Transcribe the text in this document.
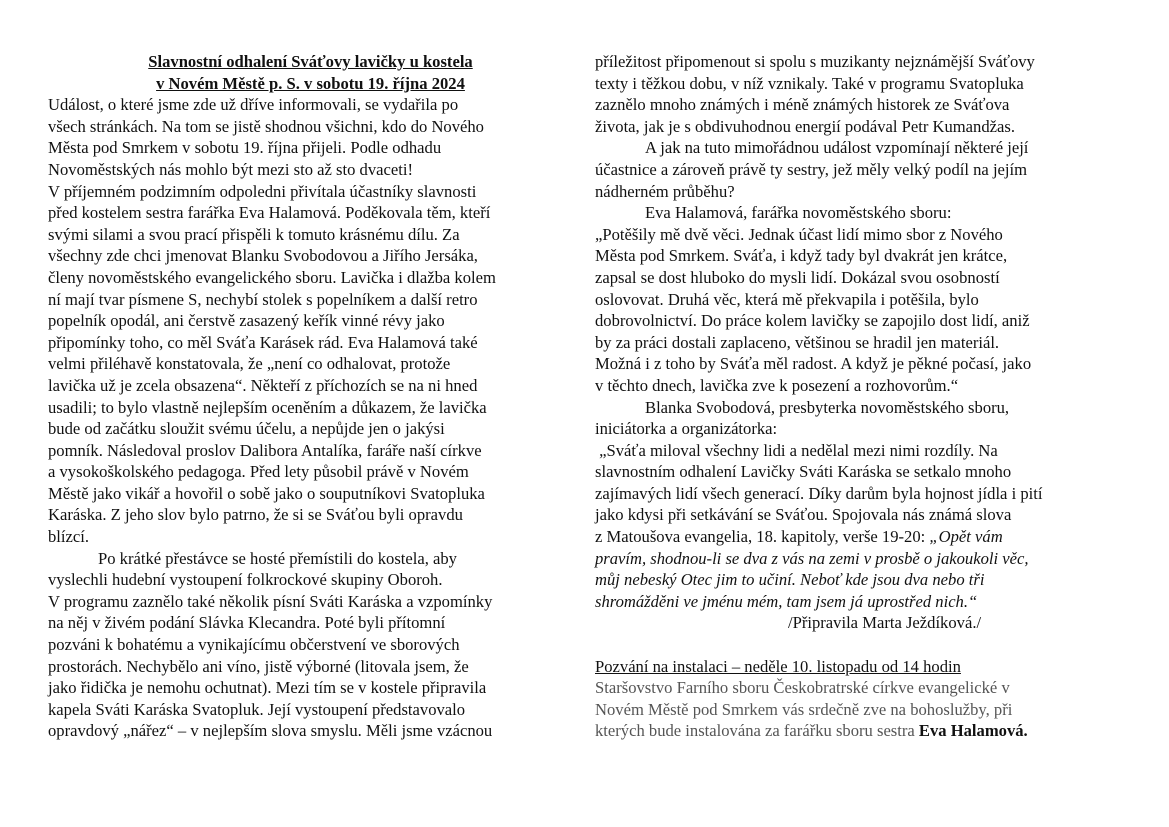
Slavnostní odhalení Sváťovy lavičky u kostela
v Novém Městě p. S. v sobotu 19. října 2024
Událost, o které jsme zde už dříve informovali, se vydařila po
všech stránkách. Na tom se jistě shodnou všichni, kdo do Nového
Města pod Smrkem v sobotu 19. října přijeli. Podle odhadu
Novoměstských nás mohlo být mezi sto až sto dvaceti!
V příjemném podzimním odpoledni přivítala účastníky slavnosti
před kostelem sestra farářka Eva Halamová. Poděkovala těm, kteří
svými silami a svou prací přispěli k tomuto krásnému dílu. Za
všechny zde chci jmenovat Blanku Svobodovou a Jiřího Jersáka,
členy novoměstského evangelického sboru. Lavička i dlažba kolem
ní mají tvar písmene S, nechybí stolek s popelníkem a další retro
popelník opodál, ani čerstvě zasazený keřík vinné révy jako
připomínky toho, co měl Sváťa Karásek rád. Eva Halamová také
velmi přiléhavě konstatovala, že „není co odhalovat, protože
lavička už je zcela obsazena“. Někteří z příchozích se na ni hned
usadili; to bylo vlastně nejlepším oceněním a důkazem, že lavička
bude od začátku sloužit svému účelu, a nepůjde jen o jakýsi
pomník. Následoval proslov Dalibora Antalíka, faráře naší církve
a vysokoškolského pedagoga. Před lety působil právě v Novém
Městě jako vikář a hovořil o sobě jako o souputníkovi Svatopluka
Karáska. Z jeho slov bylo patrno, že si se Sváťou byli opravdu
blízcí.
Po krátké přestávce se hosté přemístili do kostela, aby
vyslechli hudební vystoupení folkrockové skupiny Oboroh.
V programu zaznělo také několik písní Sváti Karáska a vzpomínky
na něj v živém podání Slávka Klecandra. Poté byli přítomní
pozváni k bohatému a vynikajícímu občerstvení ve sborových
prostorách. Nechybělo ani víno, jistě výborné (litovala jsem, že
jako řidička je nemohu ochutnat). Mezi tím se v kostele připravila
kapela Sváti Karáska Svatopluk. Její vystoupení představovalo
opravdový „nářez“ – v nejlepším slova smyslu. Měli jsme vzácnou
příležitost připomenout si spolu s muzikanty nejznámější Sváťovy
texty i těžkou dobu, v níž vznikaly. Také v programu Svatopluka
zaznělo mnoho známých i méně známých historek ze Sváťova
života, jak je s obdivuhodnou energií podával Petr Kumandžas.
A jak na tuto mimořádnou událost vzpomínají některé její
účastnice a zároveň právě ty sestry, jež měly velký podíl na jejím
nádherném průběhu?
Eva Halamová, farářka novoměstského sboru:
„Potěšily mě dvě věci. Jednak účast lidí mimo sbor z Nového
Města pod Smrkem. Sváťa, i když tady byl dvakrát jen krátce,
zapsal se dost hluboko do mysli lidí. Dokázal svou osobností
oslovovat. Druhá věc, která mě překvapila i potěšila, bylo
dobrovolnictví. Do práce kolem lavičky se zapojilo dost lidí, aniž
by za práci dostali zaplaceno, většinou se hradil jen materiál.
Možná i z toho by Sváťa měl radost. A když je pěkné počasí, jako
v těchto dnech, lavička zve k posezení a rozhovorům.“
Blanka Svobodová, presbyterka novoměstského sboru,
iniciátorka a organizátorka:
„Sváťa miloval všechny lidi a nedělal mezi nimi rozdíly. Na
slavnostním odhalení Lavičky Sváti Karáska se setkalo mnoho
zajímavých lidí všech generací. Díky darům byla hojnost jídla i pití
jako kdysi při setkávání se Sváťou. Spojovala nás známá slova
z Matoušova evangelia, 18. kapitoly, verše 19-20: „Opět vám
pravím, shodnou-li se dva z vás na zemi v prosbě o jakoukoli věc,
můj nebeský Otec jim to učiní. Neboť kde jsou dva nebo tři
shromážděni ve jménu mém, tam jsem já uprostřed nich.“
/Připravila Marta Ježdíková./
Pozvání na instalaci – neděle 10. listopadu od 14 hodin
Staršovstvo Farního sboru Českobratrské církve evangelické v
Novém Městě pod Smrkem vás srdečně zve na bohoslužby, při
kterých bude instalována za farářku sboru sestra Eva Halamová.
